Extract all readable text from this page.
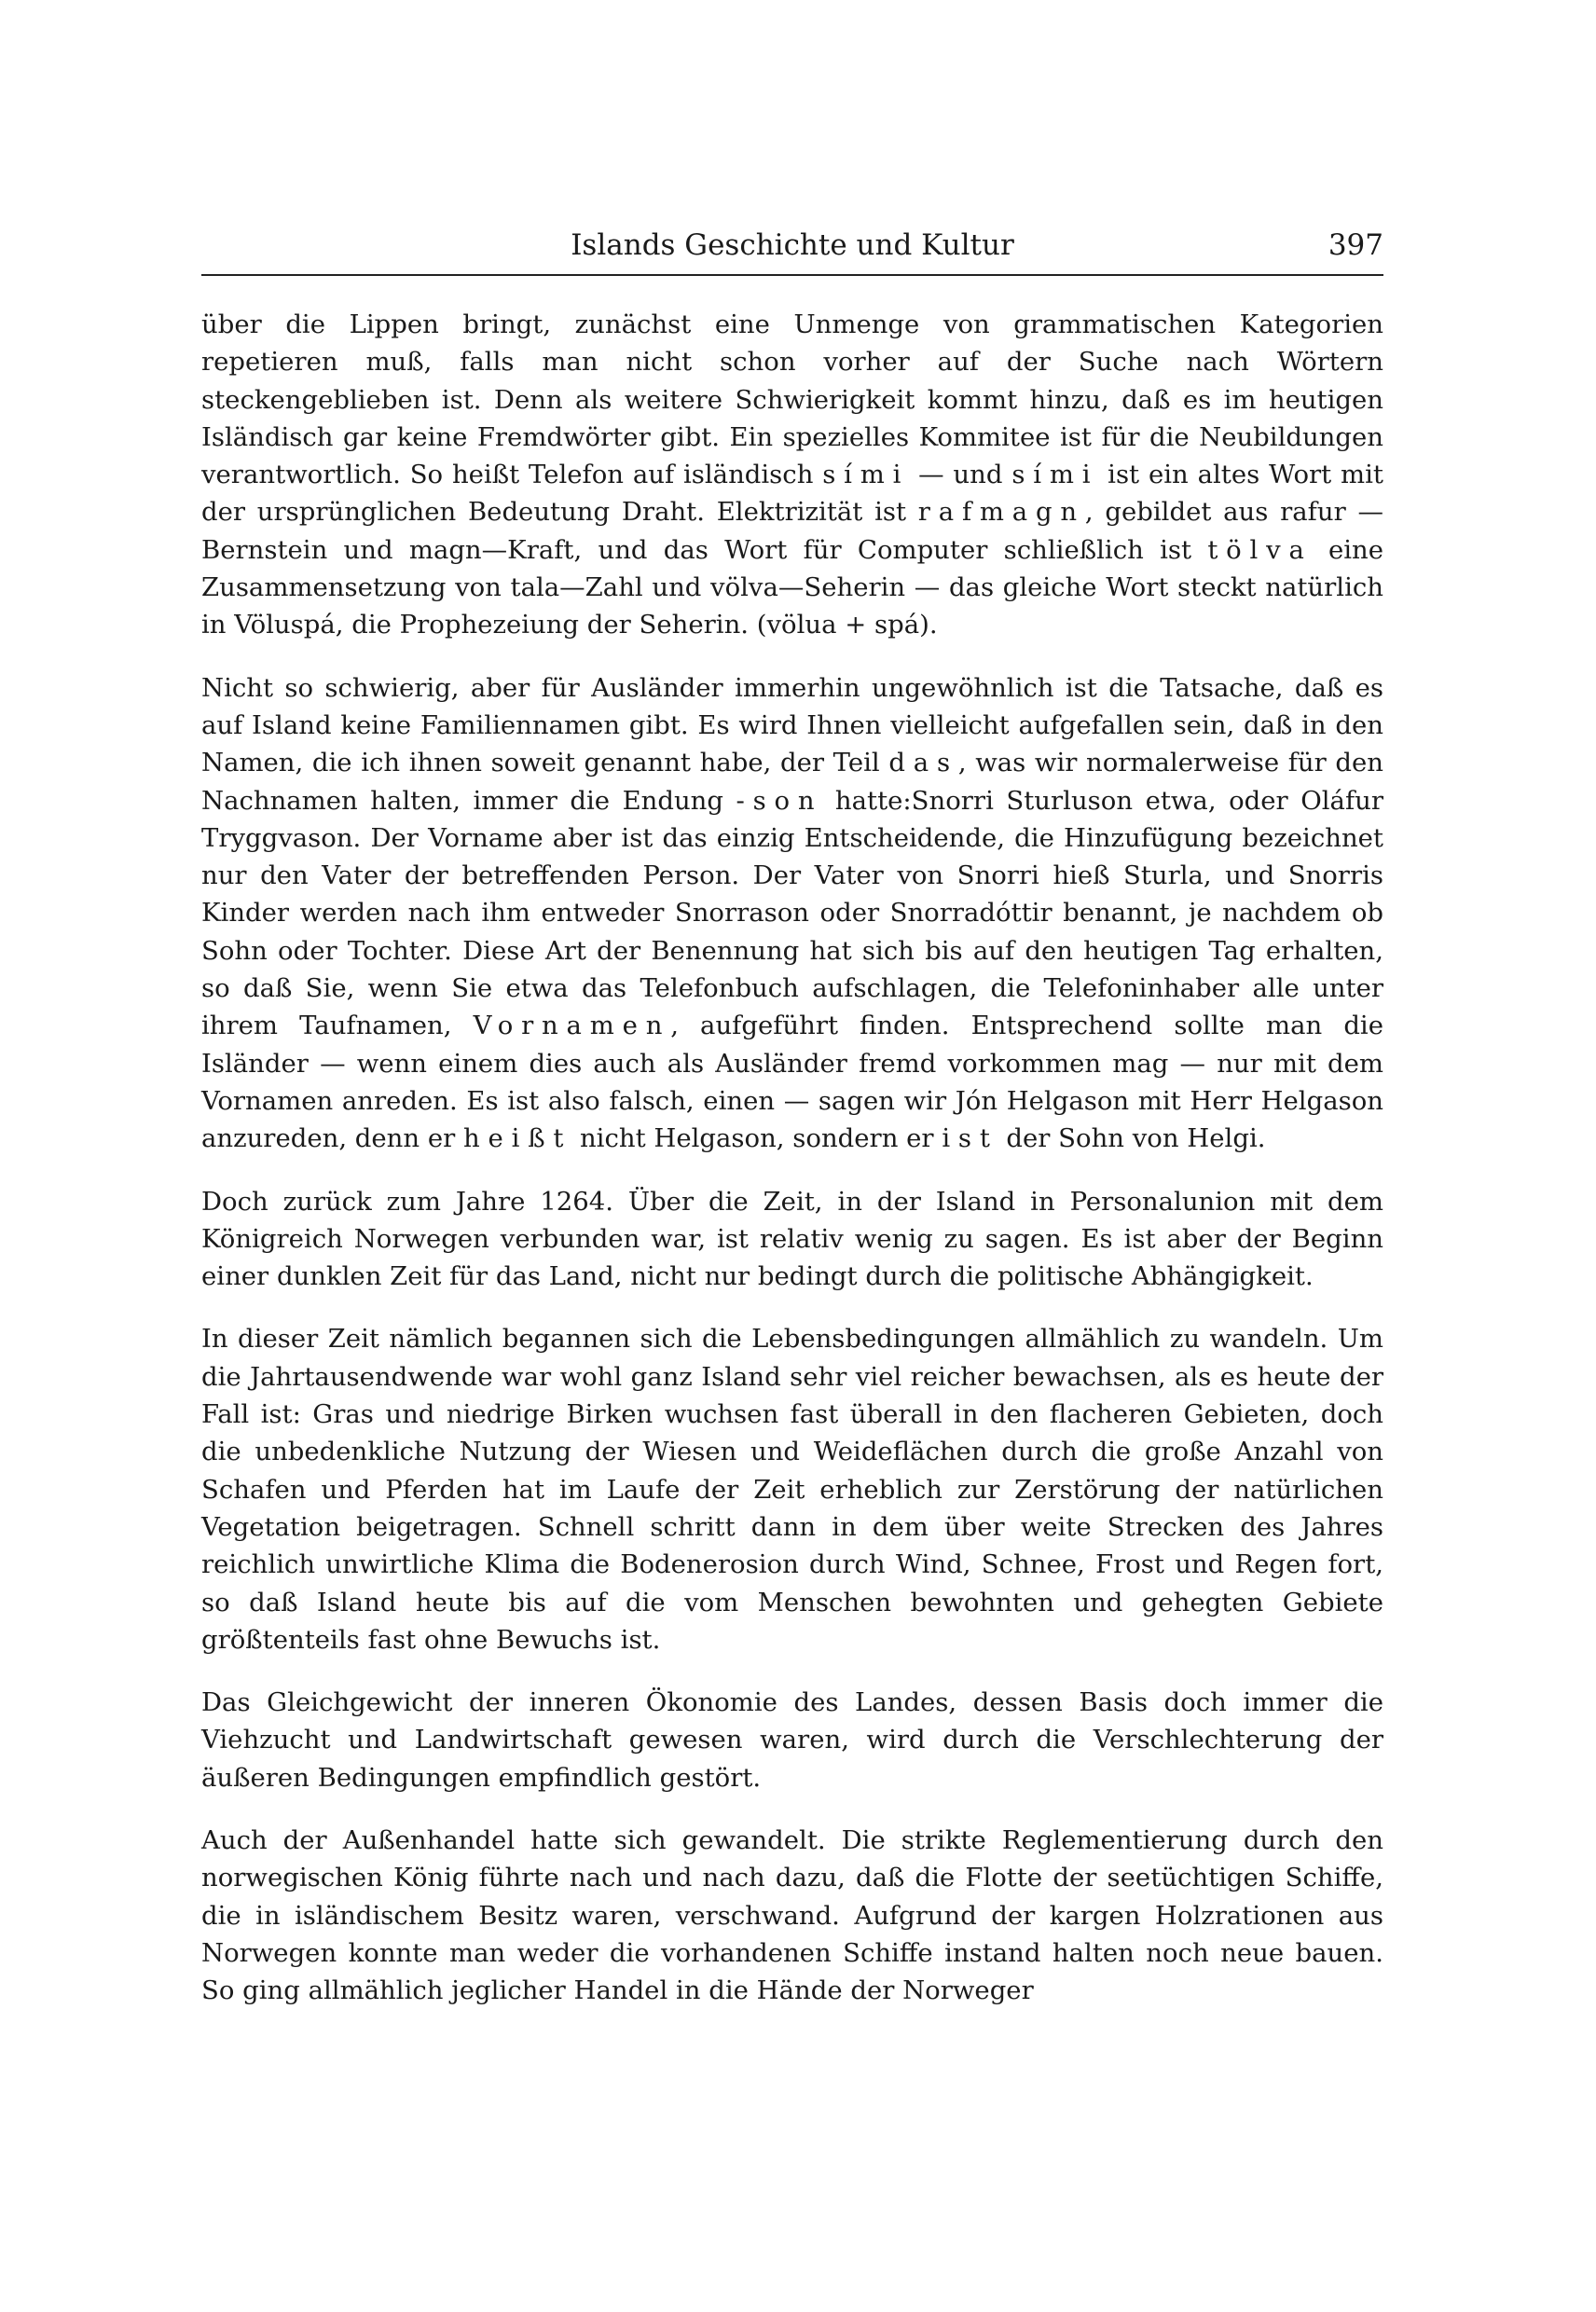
Islands Geschichte und Kultur	397

über die Lippen bringt, zunächst eine Unmenge von grammatischen Kategorien repetieren muß, falls man nicht schon vorher auf der Suche nach Wörtern steckengeblieben ist. Denn als weitere Schwierigkeit kommt hinzu, daß es im heutigen Isländisch gar keine Fremdwörter gibt. Ein spezielles Kommitee ist für die Neubildungen verantwortlich. So heißt Telefon auf isländisch sími — und sími ist ein altes Wort mit der ursprünglichen Bedeutung Draht. Elektrizität ist rafmagn, gebildet aus rafur —Bernstein und magn—Kraft, und das Wort für Computer schließlich ist tölva eine Zusammensetzung von tala—Zahl und völva—Seherin — das gleiche Wort steckt natürlich in Völuspá, die Prophezeiung der Seherin. (völua + spá).

Nicht so schwierig, aber für Ausländer immerhin ungewöhnlich ist die Tatsache, daß es auf Island keine Familiennamen gibt. Es wird Ihnen vielleicht aufgefallen sein, daß in den Namen, die ich ihnen soweit genannt habe, der Teil das, was wir normalerweise für den Nachnamen halten, immer die Endung -son hatte:Snorri Sturluson etwa, oder Oláfur Tryggvason. Der Vorname aber ist das einzig Entscheidende, die Hinzufügung bezeichnet nur den Vater der betreffenden Person. Der Vater von Snorri hieß Sturla, und Snorris Kinder werden nach ihm entweder Snorrason oder Snorradóttir benannt, je nachdem ob Sohn oder Tochter. Diese Art der Benennung hat sich bis auf den heutigen Tag erhalten, so daß Sie, wenn Sie etwa das Telefonbuch aufschlagen, die Telefoninhaber alle unter ihrem Taufnamen, Vornamen, aufgeführt finden. Entsprechend sollte man die Isländer — wenn einem dies auch als Ausländer fremd vorkommen mag — nur mit dem Vornamen anreden. Es ist also falsch, einen — sagen wir Jón Helgason mit Herr Helgason anzureden, denn er heißt nicht Helgason, sondern er ist der Sohn von Helgi.

Doch zurück zum Jahre 1264. Über die Zeit, in der Island in Personalunion mit dem Königreich Norwegen verbunden war, ist relativ wenig zu sagen. Es ist aber der Beginn einer dunklen Zeit für das Land, nicht nur bedingt durch die politische Abhängigkeit.

In dieser Zeit nämlich begannen sich die Lebensbedingungen allmählich zu wandeln. Um die Jahrtausendwende war wohl ganz Island sehr viel reicher bewachsen, als es heute der Fall ist: Gras und niedrige Birken wuchsen fast überall in den flacheren Gebieten, doch die unbedenkliche Nutzung der Wiesen und Weideflächen durch die große Anzahl von Schafen und Pferden hat im Laufe der Zeit erheblich zur Zerstörung der natürlichen Vegetation beigetragen. Schnell schritt dann in dem über weite Strecken des Jahres reichlich unwirtliche Klima die Bodenerosion durch Wind, Schnee, Frost und Regen fort, so daß Island heute bis auf die vom Menschen bewohnten und gehegten Gebiete größtenteils fast ohne Bewuchs ist.

Das Gleichgewicht der inneren Ökonomie des Landes, dessen Basis doch immer die Viehzucht und Landwirtschaft gewesen waren, wird durch die Verschlechterung der äußeren Bedingungen empfindlich gestört.

Auch der Außenhandel hatte sich gewandelt. Die strikte Reglementierung durch den norwegischen König führte nach und nach dazu, daß die Flotte der seetüchtigen Schiffe, die in isländischem Besitz waren, verschwand. Aufgrund der kargen Holzrationen aus Norwegen konnte man weder die vorhandenen Schiffe instand halten noch neue bauen. So ging allmählich jeglicher Handel in die Hände der Norweger
